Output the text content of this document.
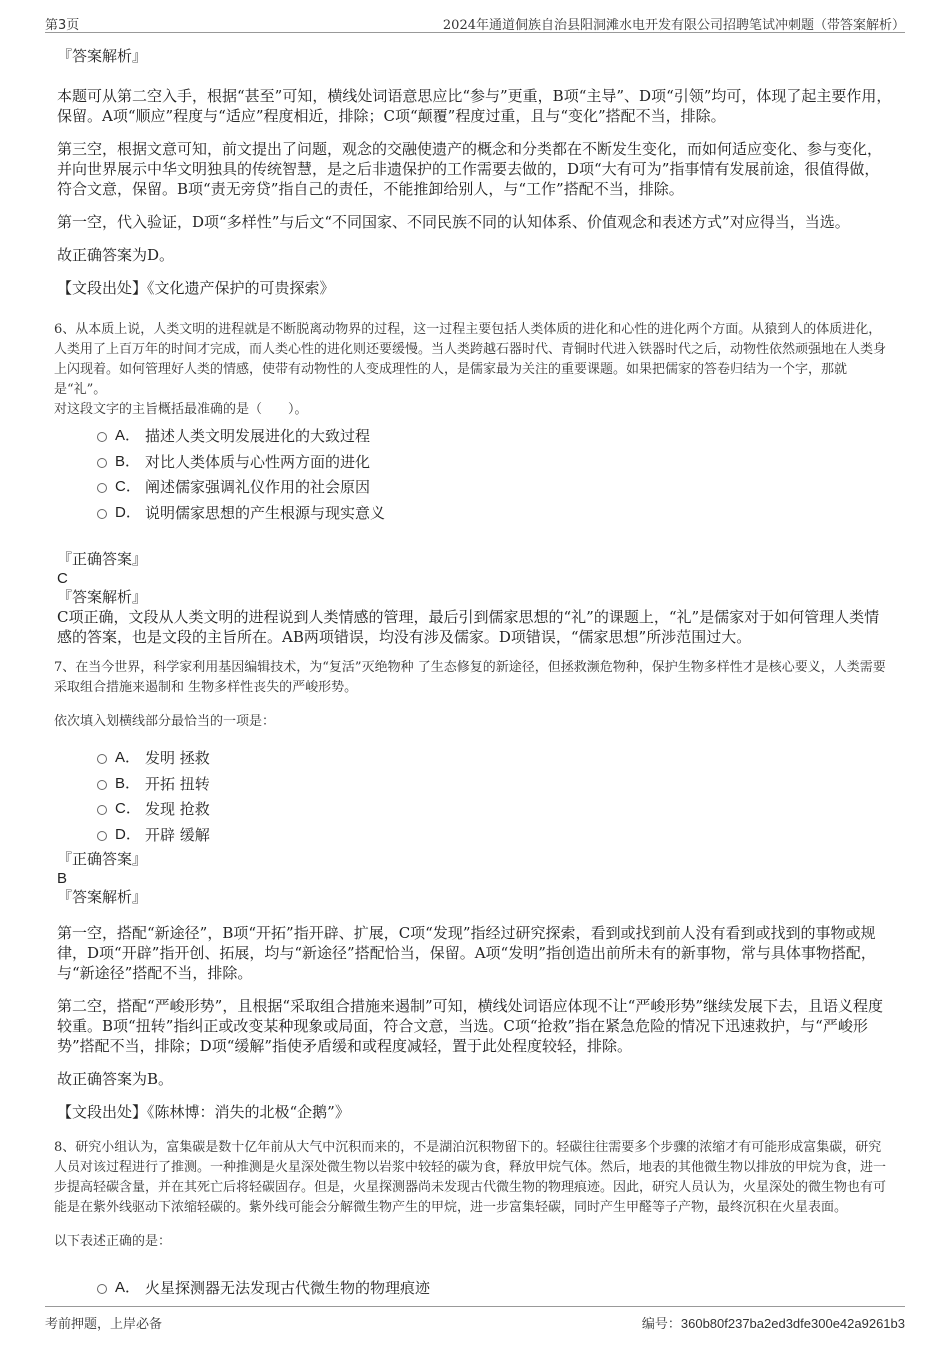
第3页	2024年通道侗族自治县阳洞滩水电开发有限公司招聘笔试冲刺题（带答案解析）

『答案解析』

本题可从第二空入手，根据“甚至”可知，横线处词语意思应比“参与”更重，B项“主导”、D项“引领”均可，体现了起主要作用，保留。A项“顺应”程度与“适应”程度相近，排除；C项“颠覆”程度过重，且与“变化”搭配不当，排除。

第三空，根据文意可知，前文提出了问题，观念的交融使遗产的概念和分类都在不断发生变化，而如何适应变化、参与变化，并向世界展示中华文明独具的传统智慧，是之后非遗保护的工作需要去做的，D项“大有可为”指事情有发展前途，很值得做，符合文意，保留。B项“责无旁贷”指自己的责任，不能推卸给别人，与“工作”搭配不当，排除。

第一空，代入验证，D项“多样性”与后文“不同国家、不同民族不同的认知体系、价值观念和表述方式”对应得当，当选。

故正确答案为D。

【文段出处】《文化遗产保护的可贵探索》

6、从本质上说，人类文明的进程就是不断脱离动物界的过程，这一过程主要包括人类体质的进化和心性的进化两个方面。从猿到人的体质进化，人类用了上百万年的时间才完成，而人类心性的进化则还要缓慢。当人类跨越石器时代、青铜时代进入铁器时代之后，动物性依然顽强地在人类身上闪现着。如何管理好人类的情感，使带有动物性的人变成理性的人，是儒家最为关注的重要课题。如果把儒家的答卷归结为一个字，那就是“礼”。

对这段文字的主旨概括最准确的是（　　）。

A． 描述人类文明发展进化的大致过程
B． 对比人类体质与心性两方面的进化
C． 阐述儒家强调礼仪作用的社会原因
D． 说明儒家思想的产生根源与现实意义

『正确答案』

C

『答案解析』

C项正确，文段从人类文明的进程说到人类情感的管理，最后引到儒家思想的“礼”的课题上，“礼”是儒家对于如何管理人类情感的答案，也是文段的主旨所在。AB两项错误，均没有涉及儒家。D项错误，“儒家思想”所涉范围过大。

7、在当今世界，科学家利用基因编辑技术，为“复活”灭绝物种 了生态修复的新途径，但拯救濒危物种，保护生物多样性才是核心要义，人类需要采取组合措施来遏制和 生物多样性丧失的严峻形势。

依次填入划横线部分最恰当的一项是：

A． 发明 拯救
B． 开拓 扭转
C． 发现 抢救
D． 开辟 缓解

『正确答案』

B

『答案解析』

第一空，搭配“新途径”，B项“开拓”指开辟、扩展，C项“发现”指经过研究探索，看到或找到前人没有看到或找到的事物或规律，D项“开辟”指开创、拓展，均与“新途径”搭配恰当，保留。A项“发明”指创造出前所未有的新事物，常与具体事物搭配，与“新途径”搭配不当，排除。

第二空，搭配“严峻形势”，且根据“采取组合措施来遏制”可知，横线处词语应体现不让“严峻形势”继续发展下去，且语义程度较重。B项“扭转”指纠正或改变某种现象或局面，符合文意，当选。C项“抢救”指在紧急危险的情况下迅速救护，与“严峻形势”搭配不当，排除；D项“缓解”指使矛盾缓和或程度减轻，置于此处程度较轻，排除。

故正确答案为B。

【文段出处】《陈林博：消失的北极“企鹅”》

8、研究小组认为，富集碳是数十亿年前从大气中沉积而来的，不是湖泊沉积物留下的。轻碳往往需要多个步骤的浓缩才有可能形成富集碳，研究人员对该过程进行了推测。一种推测是火星深处微生物以岩浆中较轻的碳为食，释放甲烷气体。然后，地表的其他微生物以排放的甲烷为食，进一步提高轻碳含量，并在其死亡后将轻碳固存。但是，火星探测器尚未发现古代微生物的物理痕迹。因此，研究人员认为，火星深处的微生物也有可能是在紫外线驱动下浓缩轻碳的。紫外线可能会分解微生物产生的甲烷，进一步富集轻碳，同时产生甲醛等子产物，最终沉积在火星表面。

以下表述正确的是：

A． 火星探测器无法发现古代微生物的物理痕迹
考前押题，上岸必备	编号：360b80f237ba2ed3dfe300e42a9261b3
